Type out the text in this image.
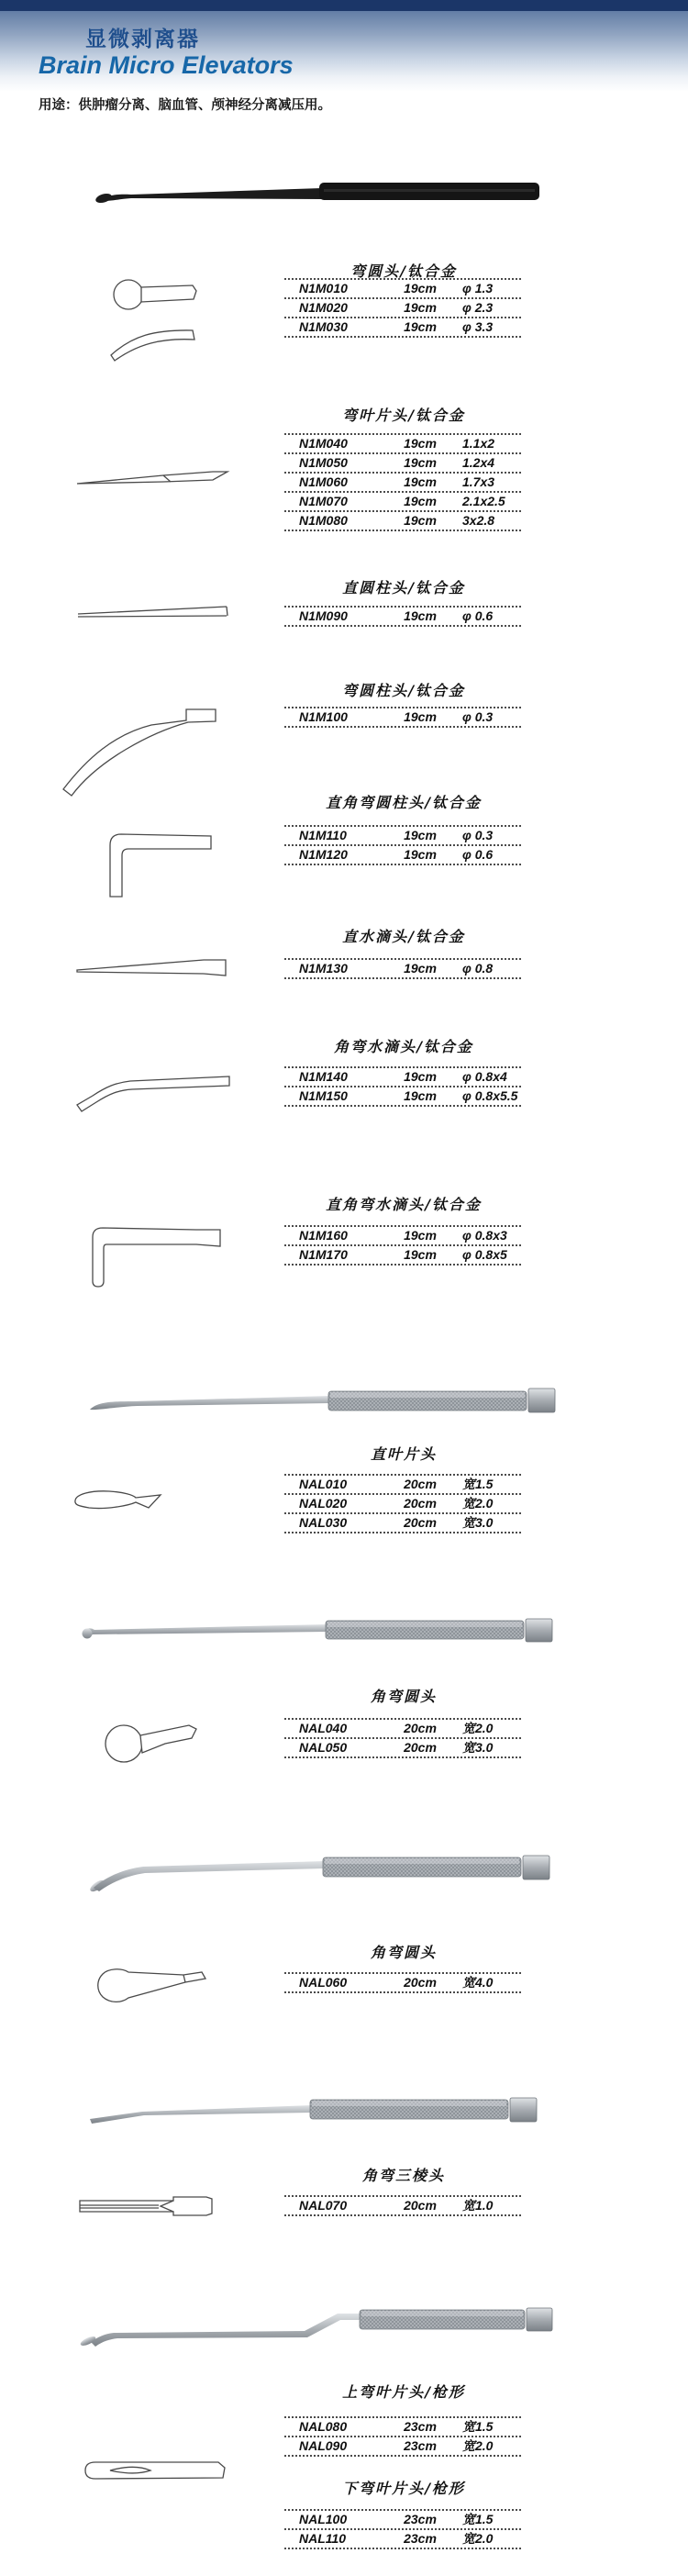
显微剥离器
Brain Micro Elevators
用途：供肿瘤分离、脑血管、颅神经分离减压用。
弯圆头/钛合金
N1M010	19cm	φ 1.3
N1M020	19cm	φ 2.3
N1M030	19cm	φ 3.3
弯叶片头/钛合金
N1M040	19cm	1.1x2
N1M050	19cm	1.2x4
N1M060	19cm	1.7x3
N1M070	19cm	2.1x2.5
N1M080	19cm	3x2.8
直圆柱头/钛合金
N1M090	19cm	φ 0.6
弯圆柱头/钛合金
N1M100	19cm	φ 0.3
直角弯圆柱头/钛合金
N1M110	19cm	φ 0.3
N1M120	19cm	φ 0.6
直水滴头/钛合金
N1M130	19cm	φ 0.8
角弯水滴头/钛合金
N1M140	19cm	φ 0.8x4
N1M150	19cm	φ 0.8x5.5
直角弯水滴头/钛合金
N1M160	19cm	φ 0.8x3
N1M170	19cm	φ 0.8x5
直叶片头
NAL010	20cm	宽1.5
NAL020	20cm	宽2.0
NAL030	20cm	宽3.0
角弯圆头
NAL040	20cm	宽2.0
NAL050	20cm	宽3.0
角弯圆头
NAL060	20cm	宽4.0
角弯三棱头
NAL070	20cm	宽1.0
上弯叶片头/枪形
NAL080	23cm	宽1.5
NAL090	23cm	宽2.0
下弯叶片头/枪形
NAL100	23cm	宽1.5
NAL110	23cm	宽2.0
